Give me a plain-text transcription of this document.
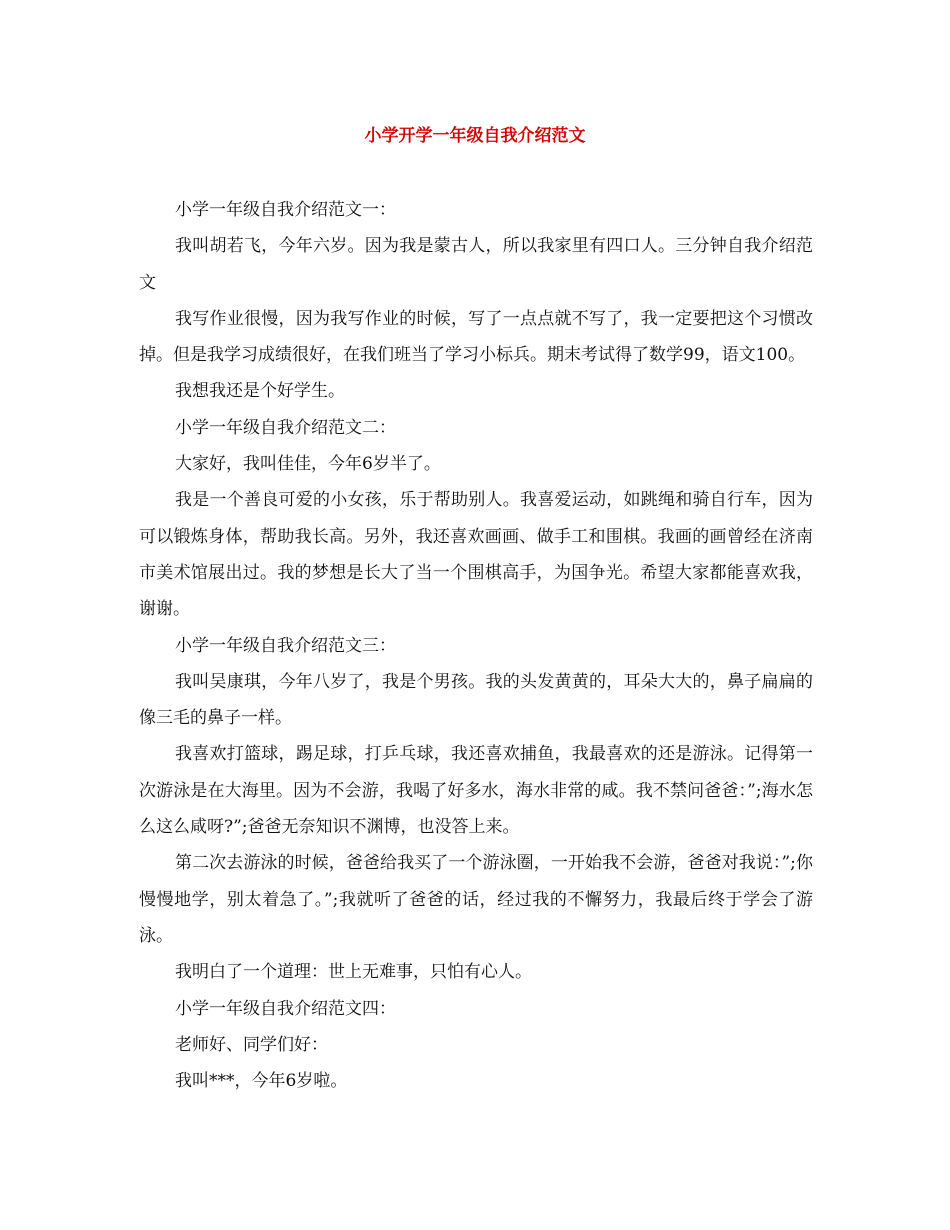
小学开学一年级自我介绍范文

小学一年级自我介绍范文一：

我叫胡若飞，今年六岁。因为我是蒙古人，所以我家里有四口人。三分钟自我介绍范文

我写作业很慢，因为我写作业的时候，写了一点点就不写了，我一定要把这个习惯改掉。但是我学习成绩很好，在我们班当了学习小标兵。期末考试得了数学99，语文100。

我想我还是个好学生。

小学一年级自我介绍范文二：

大家好，我叫佳佳，今年6岁半了。

我是一个善良可爱的小女孩，乐于帮助别人。我喜爱运动，如跳绳和骑自行车，因为可以锻炼身体，帮助我长高。另外，我还喜欢画画、做手工和围棋。我画的画曾经在济南市美术馆展出过。我的梦想是长大了当一个围棋高手，为国争光。希望大家都能喜欢我，谢谢。

小学一年级自我介绍范文三：

我叫吴康琪，今年八岁了，我是个男孩。我的头发黄黄的，耳朵大大的，鼻子扁扁的像三毛的鼻子一样。

我喜欢打篮球，踢足球，打乒乓球，我还喜欢捕鱼，我最喜欢的还是游泳。记得第一次游泳是在大海里。因为不会游，我喝了好多水，海水非常的咸。我不禁问爸爸：”;海水怎么这么咸呀?”;爸爸无奈知识不渊博，也没答上来。

第二次去游泳的时候，爸爸给我买了一个游泳圈，一开始我不会游，爸爸对我说：”;你慢慢地学，别太着急了。”;我就听了爸爸的话，经过我的不懈努力，我最后终于学会了游泳。

我明白了一个道理：世上无难事，只怕有心人。

小学一年级自我介绍范文四：

老师好、同学们好：

我叫***，今年6岁啦。
